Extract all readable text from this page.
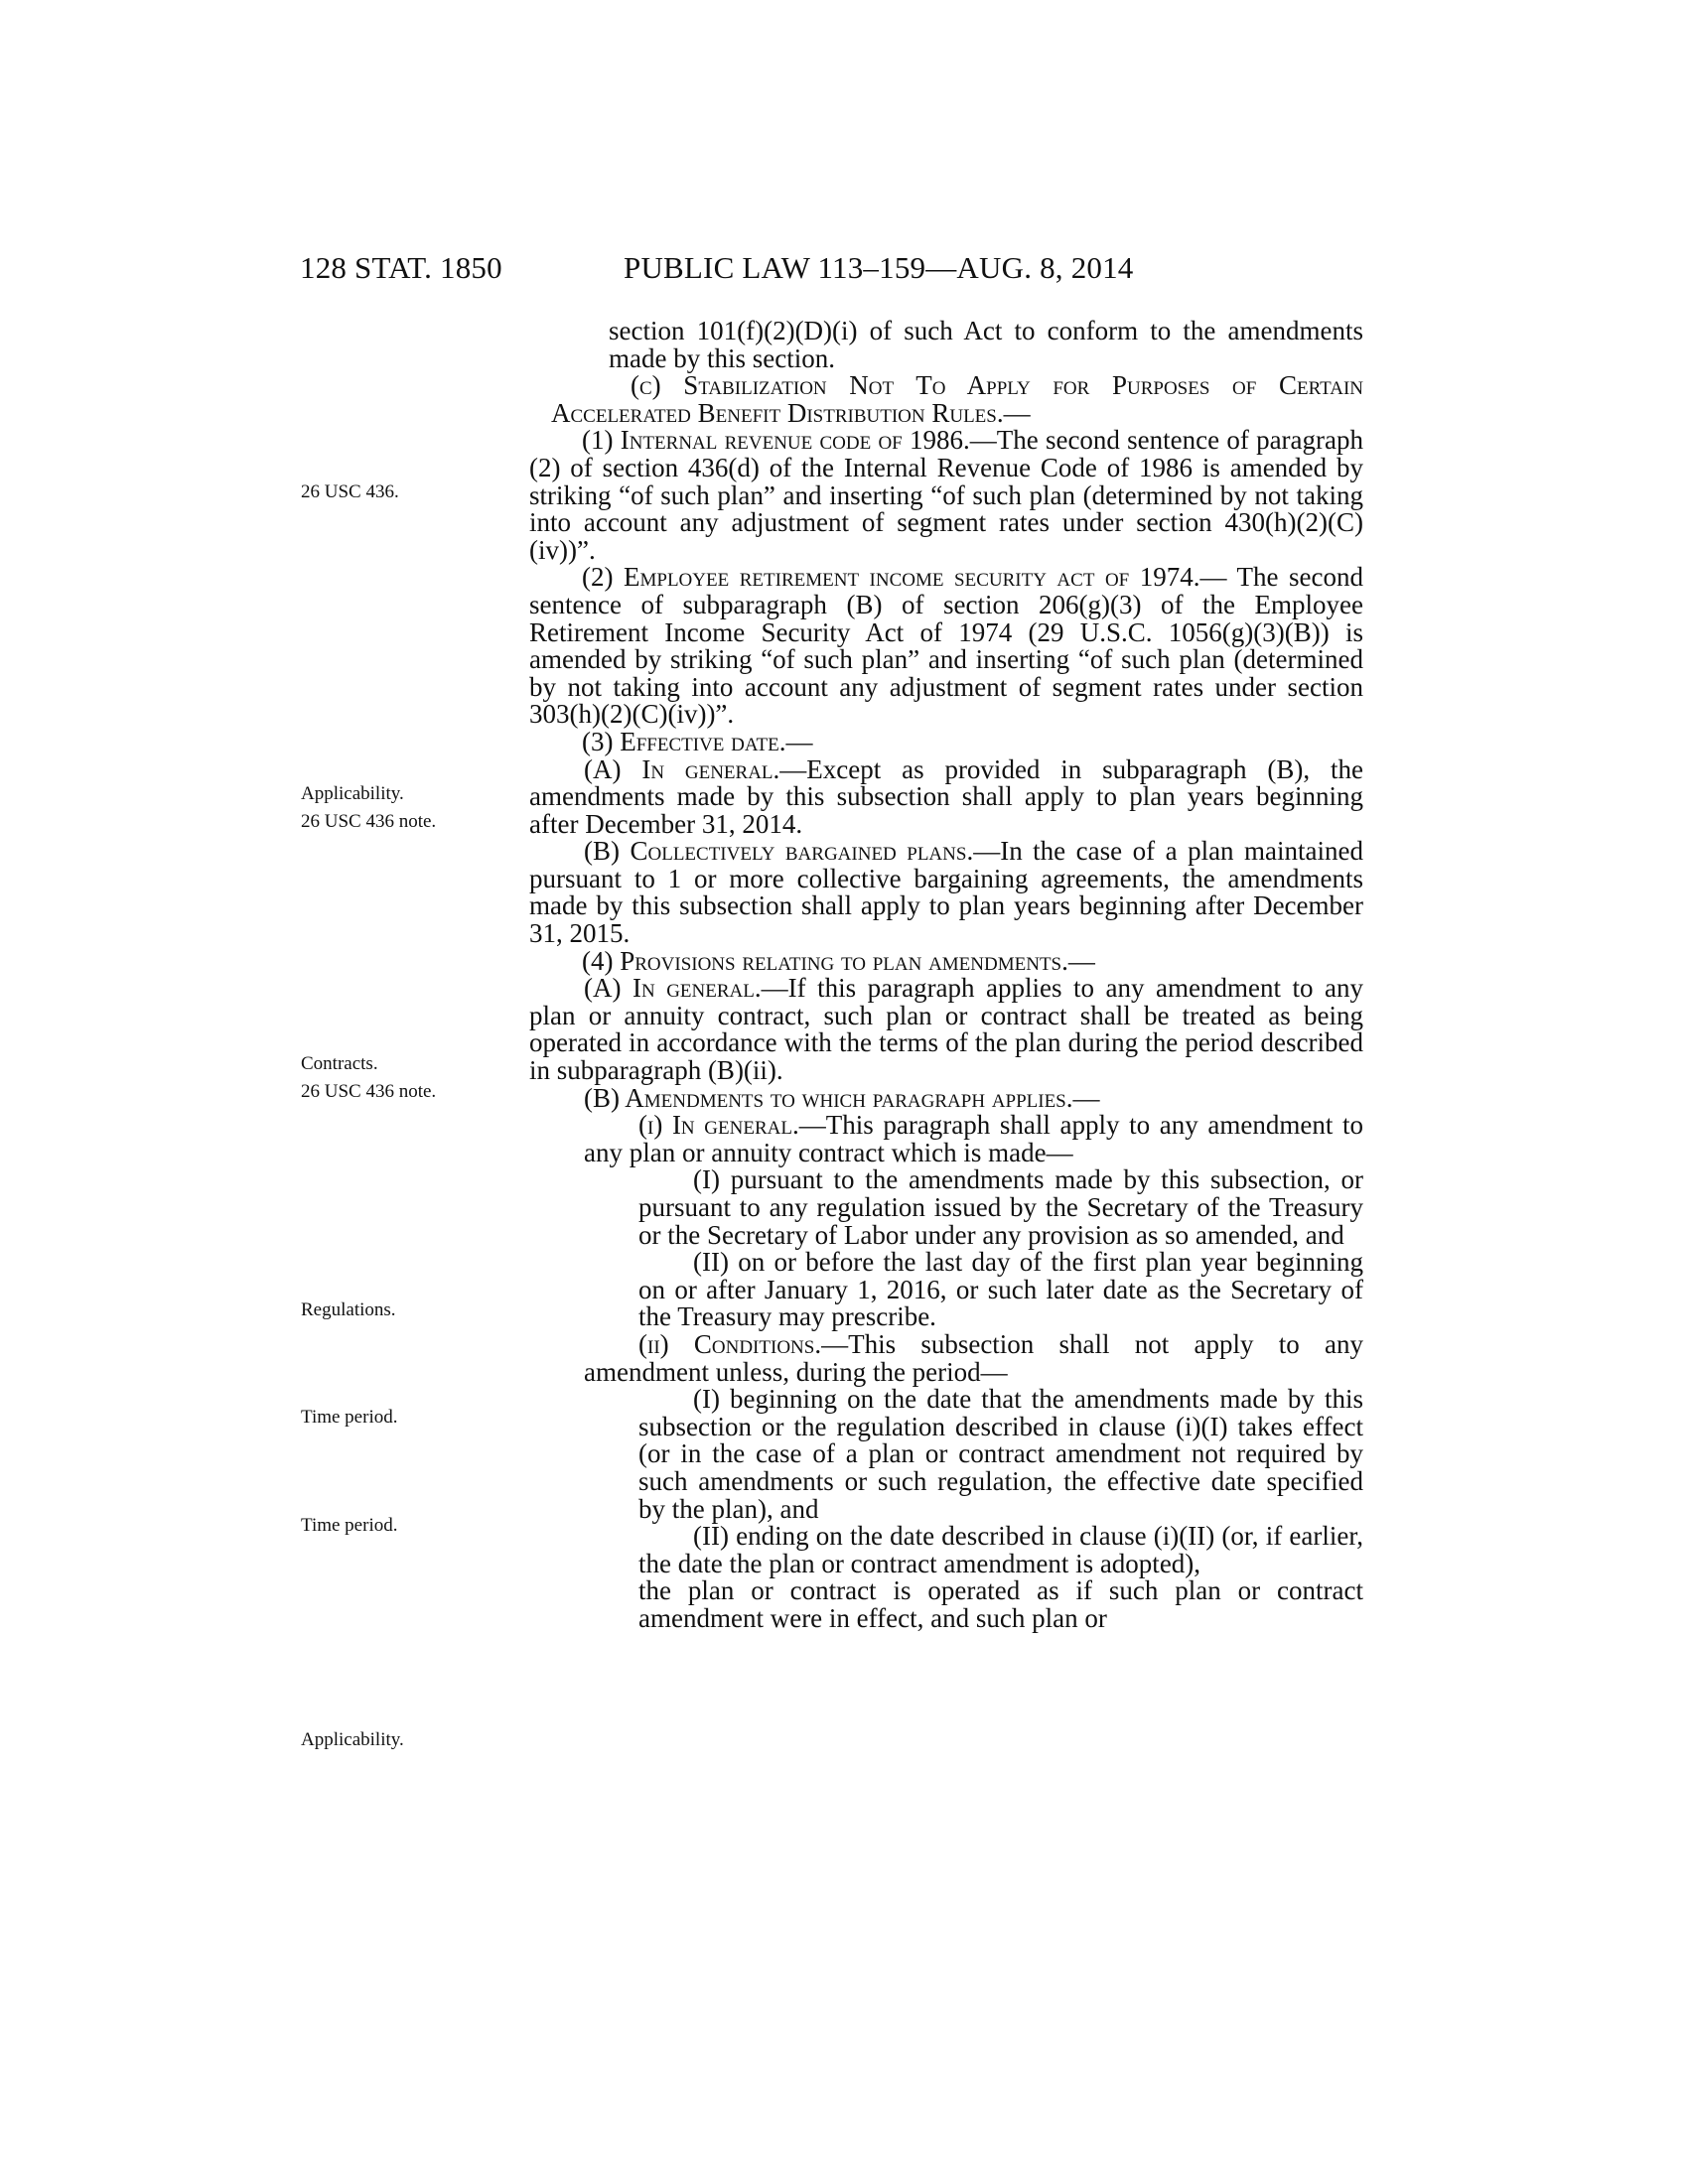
128 STAT. 1850	PUBLIC LAW 113–159—AUG. 8, 2014
26 USC 436.
Applicability.
26 USC 436 note.
Contracts.
26 USC 436 note.
Regulations.
Time period.
Time period.
Applicability.

section 101(f)(2)(D)(i) of such Act to conform to the amendments made by this section.

(c) Stabilization Not To Apply for Purposes of Certain Accelerated Benefit Distribution Rules.—

(1) Internal revenue code of 1986.—The second sentence of paragraph (2) of section 436(d) of the Internal Revenue Code of 1986 is amended by striking “of such plan” and inserting “of such plan (determined by not taking into account any adjustment of segment rates under section 430(h)(2)(C)(iv))”.

(2) Employee retirement income security act of 1974.— The second sentence of subparagraph (B) of section 206(g)(3) of the Employee Retirement Income Security Act of 1974 (29 U.S.C. 1056(g)(3)(B)) is amended by striking “of such plan” and inserting “of such plan (determined by not taking into account any adjustment of segment rates under section 303(h)(2)(C)(iv))”.

(3) Effective date.—

(A) In general.—Except as provided in subparagraph (B), the amendments made by this subsection shall apply to plan years beginning after December 31, 2014.

(B) Collectively bargained plans.—In the case of a plan maintained pursuant to 1 or more collective bargaining agreements, the amendments made by this subsection shall apply to plan years beginning after December 31, 2015.

(4) Provisions relating to plan amendments.—

(A) In general.—If this paragraph applies to any amendment to any plan or annuity contract, such plan or contract shall be treated as being operated in accordance with the terms of the plan during the period described in subparagraph (B)(ii).

(B) Amendments to which paragraph applies.—

(i) In general.—This paragraph shall apply to any amendment to any plan or annuity contract which is made—

(I) pursuant to the amendments made by this subsection, or pursuant to any regulation issued by the Secretary of the Treasury or the Secretary of Labor under any provision as so amended, and

(II) on or before the last day of the first plan year beginning on or after January 1, 2016, or such later date as the Secretary of the Treasury may prescribe.

(ii) Conditions.—This subsection shall not apply to any amendment unless, during the period—

(I) beginning on the date that the amendments made by this subsection or the regulation described in clause (i)(I) takes effect (or in the case of a plan or contract amendment not required by such amendments or such regulation, the effective date specified by the plan), and

(II) ending on the date described in clause (i)(II) (or, if earlier, the date the plan or contract amendment is adopted),

the plan or contract is operated as if such plan or contract amendment were in effect, and such plan or
